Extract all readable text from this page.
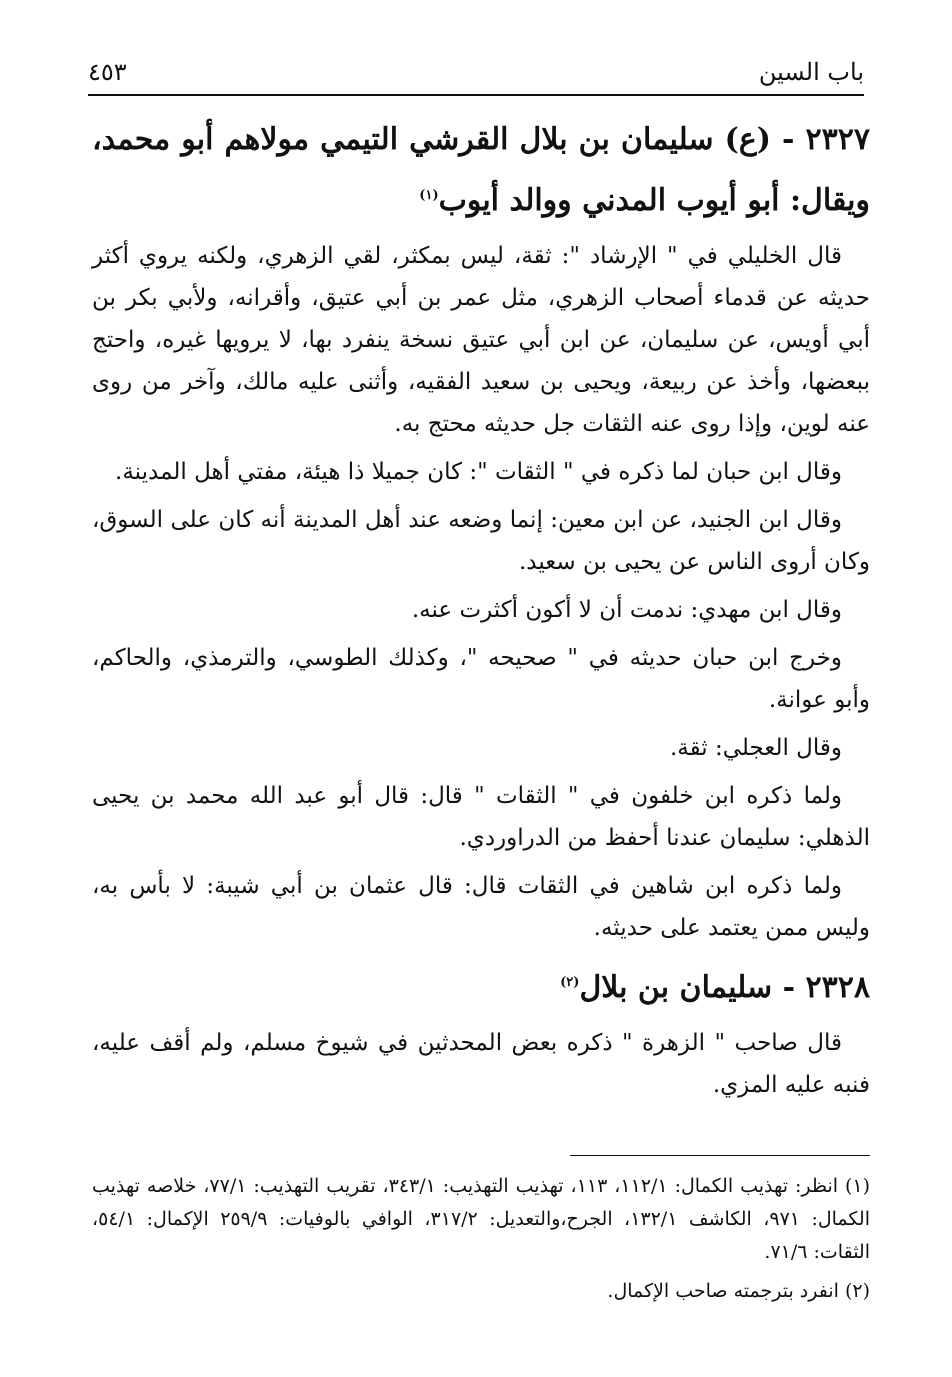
باب السين
٤٥٣

٢٣٢٧ - (ع) سليمان بن بلال القرشي التيمي مولاهم أبو محمد، ويقال: أبو أيوب المدني ووالد أيوب$^{(١)}$

قال الخليلي في " الإرشاد ": ثقة، ليس بمكثر، لقي الزهري، ولكنه يروي أكثر حديثه عن قدماء أصحاب الزهري، مثل عمر بن أبي عتيق، وأقرانه، ولأبي بكر بن أبي أويس، عن سليمان، عن ابن أبي عتيق نسخة ينفرد بها، لا يرويها غيره، واحتج ببعضها، وأخذ عن ربيعة، ويحيى بن سعيد الفقيه، وأثنى عليه مالك، وآخر من روى عنه لوين، وإذا روى عنه الثقات جل حديثه محتج به.

وقال ابن حبان لما ذكره في " الثقات ": كان جميلا ذا هيئة، مفتي أهل المدينة.

وقال ابن الجنيد، عن ابن معين: إنما وضعه عند أهل المدينة أنه كان على السوق، وكان أروى الناس عن يحيى بن سعيد.

وقال ابن مهدي: ندمت أن لا أكون أكثرت عنه.

وخرج ابن حبان حديثه في " صحيحه "، وكذلك الطوسي، والترمذي، والحاكم، وأبو عوانة.

وقال العجلي: ثقة.

ولما ذكره ابن خلفون في " الثقات " قال: قال أبو عبد الله محمد بن يحيى الذهلي: سليمان عندنا أحفظ من الدراوردي.

ولما ذكره ابن شاهين في الثقات قال: قال عثمان بن أبي شيبة: لا بأس به، وليس ممن يعتمد على حديثه.

٢٣٢٨ - سليمان بن بلال$^{(٢)}$

قال صاحب " الزهرة " ذكره بعض المحدثين في شيوخ مسلم، ولم أقف عليه، فنبه عليه المزي.

(١) انظر: تهذيب الكمال: ١١٢/١، ١١٣، تهذيب التهذيب: ٣٤٣/١، تقريب التهذيب: ٧٧/١، خلاصه تهذيب الكمال: ٩٧١، الكاشف ١٣٢/١، الجرح،والتعديل: ٣١٧/٢، الوافي بالوفيات: ٢٥٩/٩ الإكمال: ٥٤/١، الثقات: ٧١/٦.

(٢) انفرد بترجمته صاحب الإكمال.
